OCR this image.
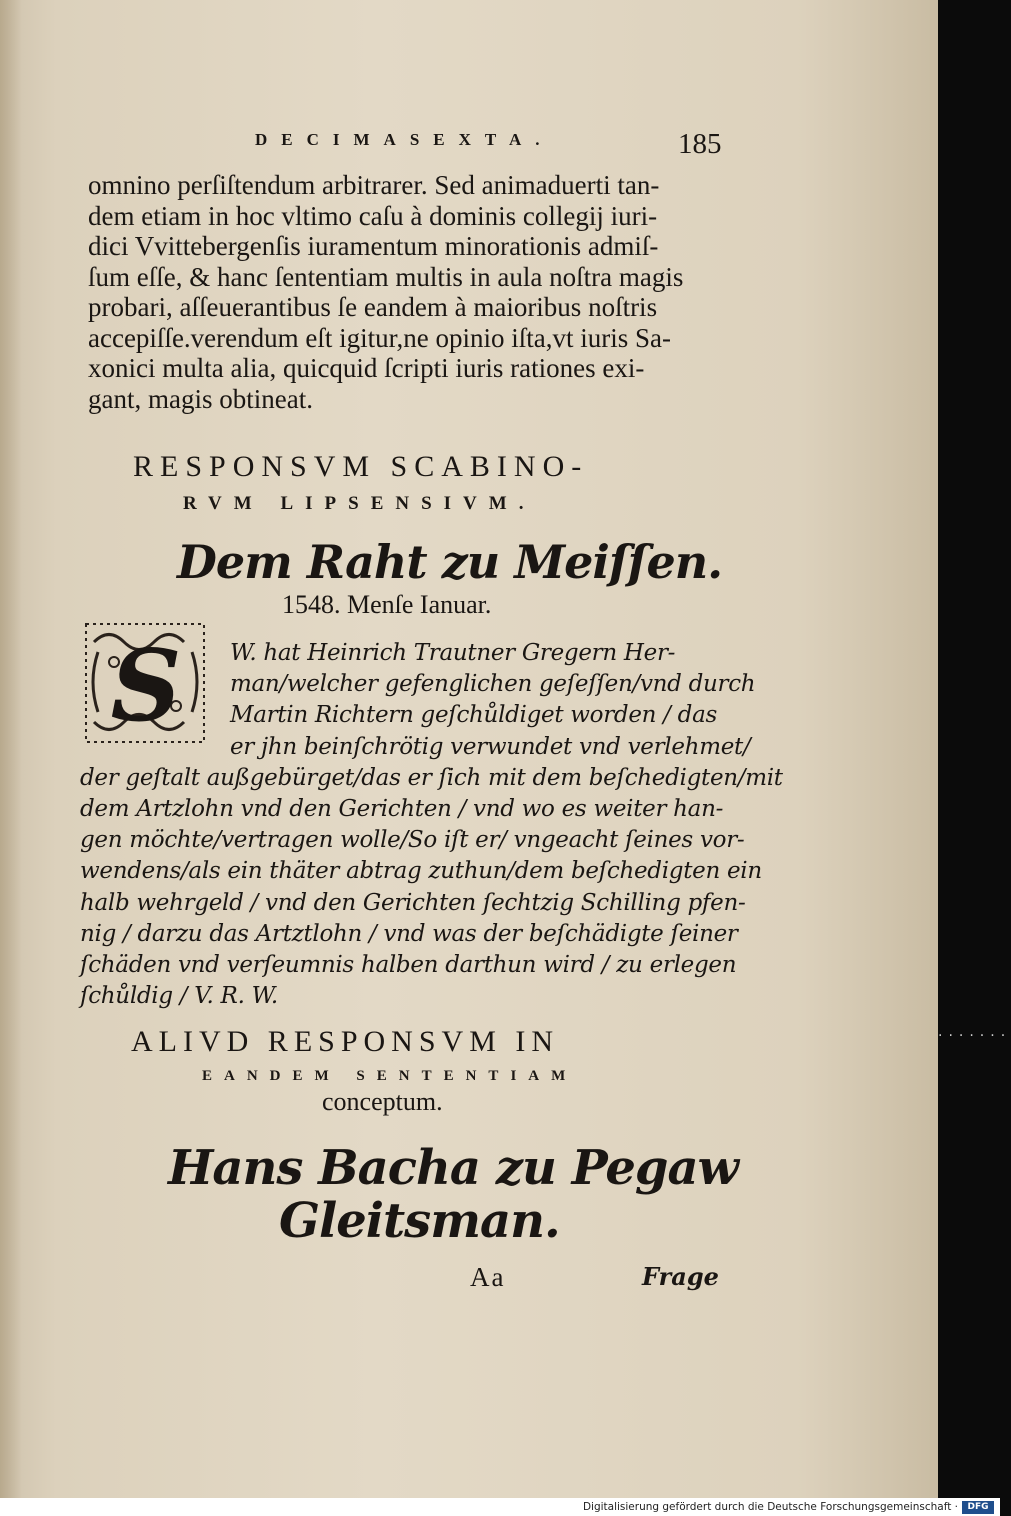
DECIMASEXTA.	185
omnino perſiſtendum arbitrarer. Sed animaduerti tan-
dem etiam in hoc vltimo caſu à dominis collegij iuri-
dici Vvittebergenſis iuramentum minorationis admiſ-
ſum eſſe, & hanc ſententiam multis in aula noſtra magis
probari, aſſeuerantibus ſe eandem à maioribus noſtris
accepiſſe.verendum eſt igitur,ne opinio iſta,vt iuris Sa-
xonici multa alia, quicquid ſcripti iuris rationes exi-
gant, magis obtineat.
RESPONSVM SCABINO-
RVM LIPSENSIVM.
Dem Raht zu Meiſſen.
1548. Menſe Ianuar.
S	W. hat Heinrich Trautner Gregern Her-
man/welcher gefenglichen geſeſſen/vnd durch
Martin Richtern geſchůldiget worden / das
er jhn beinſchrötig verwundet vnd verlehmet/
der geſtalt außgebürget/das er ſich mit dem beſchedigten/mit
dem Artzlohn vnd den Gerichten / vnd wo es weiter han-
gen möchte/vertragen wolle/So iſt er/ vngeacht ſeines vor-
wendens/als ein thäter abtrag zuthun/dem beſchedigten ein
halb wehrgeld / vnd den Gerichten ſechtzig Schilling pfen-
nig / darzu das Artztlohn / vnd was der beſchädigte ſeiner
ſchäden vnd verſeumnis halben darthun wird / zu erlegen
ſchůldig / V. R. W.
ALIVD RESPONSVM IN
EANDEM SENTENTIAM
conceptum.
Hans Bacha zu Pegaw
Gleitsman.
Aa	Frage
·······
Digitalisierung gefördert durch die Deutsche Forschungsgemeinschaft ·	DFG
